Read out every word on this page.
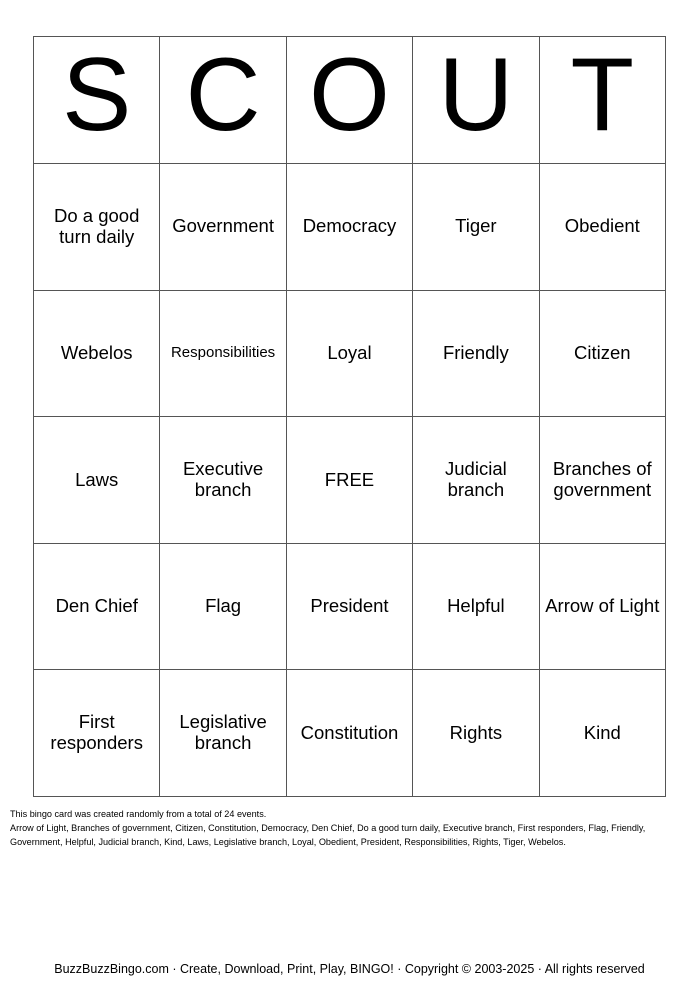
S	C	O	U	T
Do a good turn daily	Government	Democracy	Tiger	Obedient
Webelos	Responsibilities	Loyal	Friendly	Citizen
Laws	Executive branch	FREE	Judicial branch	Branches of government
Den Chief	Flag	President	Helpful	Arrow of Light
First responders	Legislative branch	Constitution	Rights	Kind
This bingo card was created randomly from a total of 24 events.
Arrow of Light, Branches of government, Citizen, Constitution, Democracy, Den Chief, Do a good turn daily, Executive branch, First responders, Flag, Friendly, Government, Helpful, Judicial branch, Kind, Laws, Legislative branch, Loyal, Obedient, President, Responsibilities, Rights, Tiger, Webelos.
BuzzBuzzBingo.com · Create, Download, Print, Play, BINGO! · Copyright © 2003-2025 · All rights reserved
